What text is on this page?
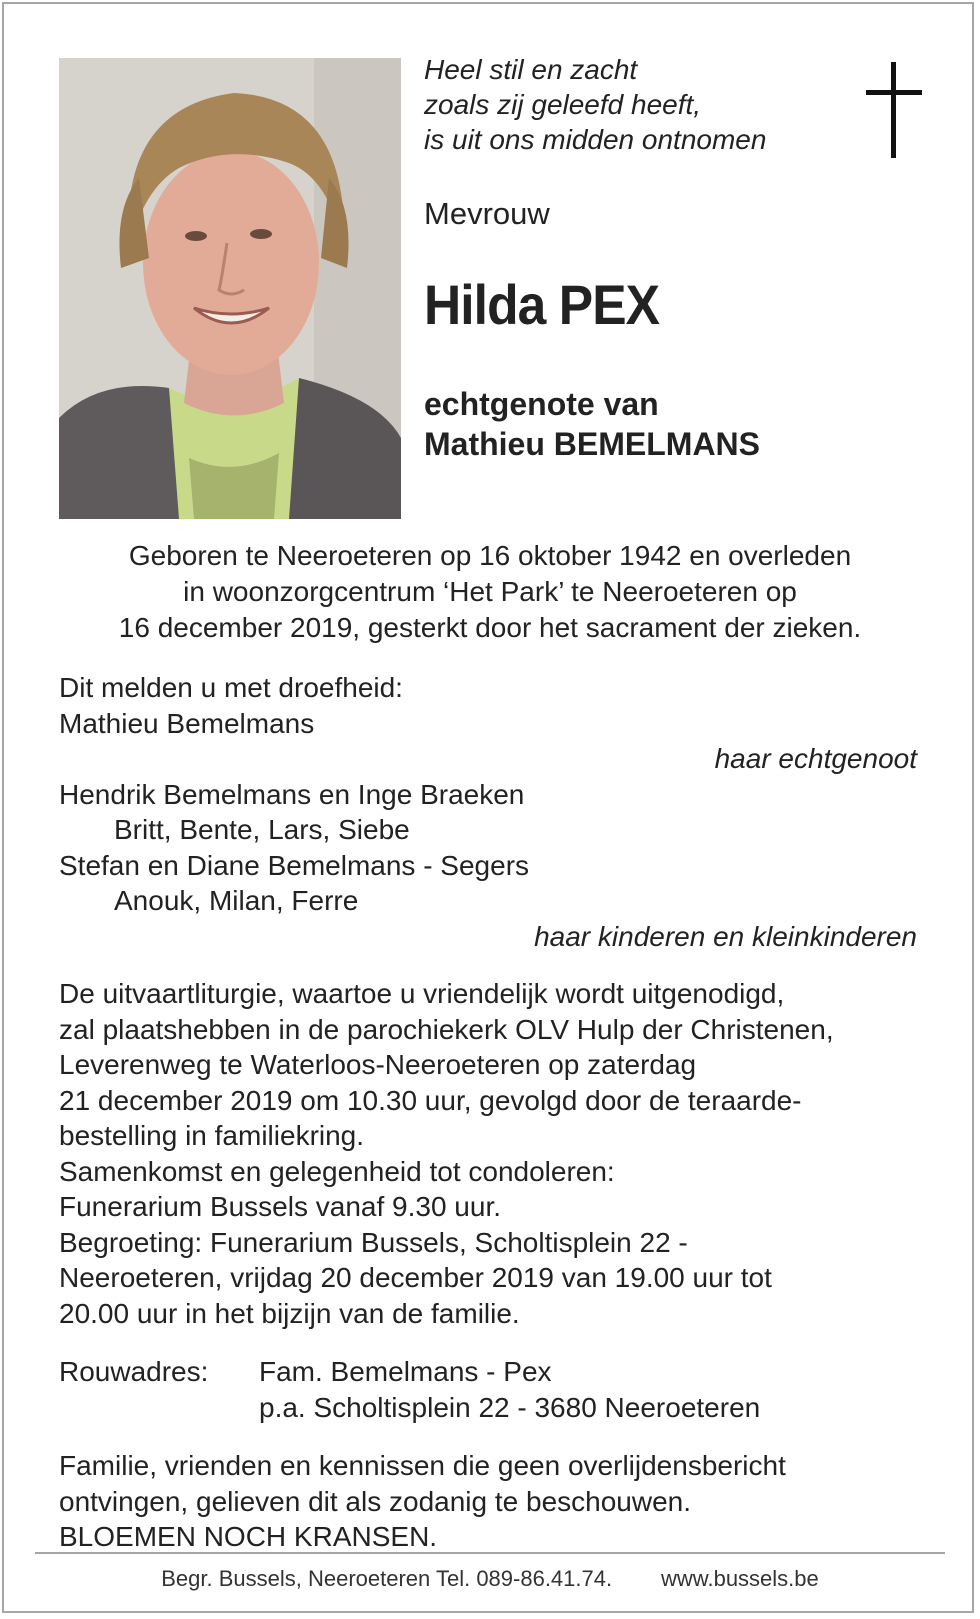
Heel stil en zacht
zoals zij geleefd heeft,
is uit ons midden ontnomen
Mevrouw
Hilda PEX
echtgenote van
Mathieu BEMELMANS
Geboren te Neeroeteren op 16 oktober 1942 en overleden
in woonzorgcentrum ‘Het Park’ te Neeroeteren op
16 december 2019, gesterkt door het sacrament der zieken.
Dit melden u met droefheid:
Mathieu Bemelmans
haar echtgenoot
Hendrik Bemelmans en Inge Braeken
Britt, Bente, Lars, Siebe
Stefan en Diane Bemelmans - Segers
Anouk, Milan, Ferre
haar kinderen en kleinkinderen
De uitvaartliturgie, waartoe u vriendelijk wordt uitgenodigd,
zal plaatshebben in de parochiekerk OLV Hulp der Christenen,
Leverenweg te Waterloos-Neeroeteren op zaterdag
21 december 2019 om 10.30 uur, gevolgd door de teraarde-
bestelling in familiekring.
Samenkomst en gelegenheid tot condoleren:
Funerarium Bussels vanaf 9.30 uur.
Begroeting: Funerarium Bussels, Scholtisplein 22 -
Neeroeteren, vrijdag 20 december 2019 van 19.00 uur tot
20.00 uur in het bijzijn van de familie.
Rouwadres: Fam. Bemelmans - Pex
p.a. Scholtisplein 22 - 3680 Neeroeteren
Familie, vrienden en kennissen die geen overlijdensbericht
ontvingen, gelieven dit als zodanig te beschouwen.
BLOEMEN NOCH KRANSEN.
Begr. Bussels, Neeroeteren Tel. 089-86.41.74. www.bussels.be
